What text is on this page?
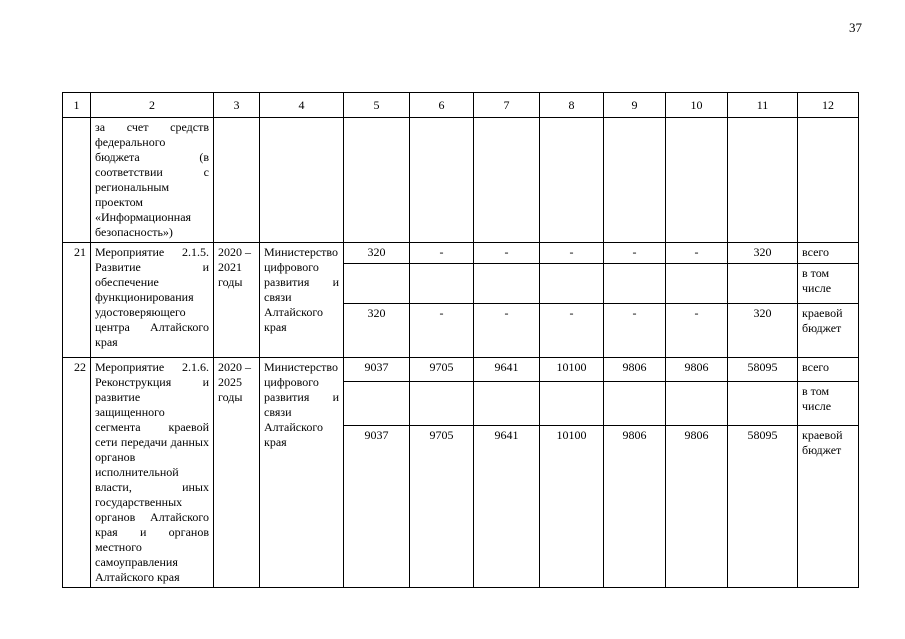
37
1	2	3	4	5	6	7	8	9	10	11	12
	за счет средств федерального бюджета (в соответствии с региональным проектом «Информационная безопасность»)										
21	Мероприятие 2.1.5. Развитие и обеспечение функционирования удостоверяющего центра Алтайского края	2020 – 2021 годы	Министерство цифрового развития и связи Алтайского края	320	-	-	-	-	-	320	всего
											в том числе
				320	-	-	-	-	-	320	краевой бюджет
22	Мероприятие 2.1.6. Реконструкция и развитие защищенного сегмента краевой сети передачи данных органов исполнительной власти, иных государственных органов Алтайского края и органов местного самоуправления Алтайского края	2020 – 2025 годы	Министерство цифрового развития и связи Алтайского края	9037	9705	9641	10100	9806	9806	58095	всего
											в том числе
				9037	9705	9641	10100	9806	9806	58095	краевой бюджет
